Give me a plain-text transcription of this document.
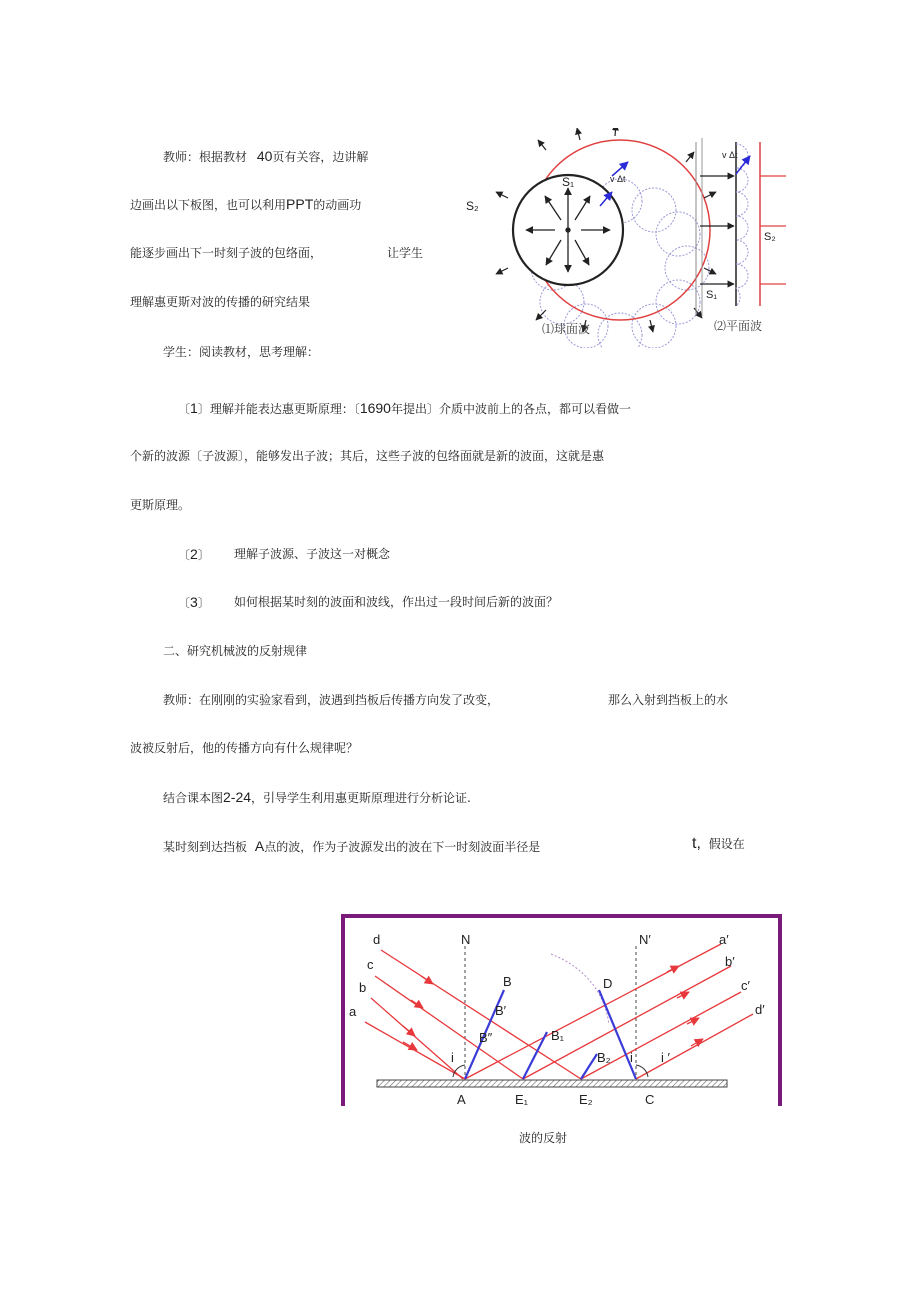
教师：根据教材 40页有关容，边讲解
边画出以下板图，也可以利用PPT的动画功
能逐步画出下一时刻子波的包络面，	让学生
理解惠更斯对波的传播的研究结果
学生：阅读教材，思考理解：
S₁
S₂
v Δt
⑴球面波
v Δt
S₂
S₁
⑵平面波
〔1〕理解并能表达惠更斯原理：〔1690年提出〕介质中波前上的各点，都可以看做一
个新的波源〔子波源〕，能够发出子波；其后，这些子波的包络面就是新的波面，这就是惠
更斯原理。
〔2〕 理解子波源、子波这一对概念
〔3〕 如何根据某时刻的波面和波线，作出过一段时间后新的波面？
二、研究机械波的反射规律
教师：在刚刚的实验家看到，波遇到挡板后传播方向发了改变，	那么入射到挡板上的水
波被反射后，他的传播方向有什么规律呢？
结合课本图2-24，引导学生利用惠更斯原理进行分析论证.
某时刻到达挡板 A点的波，作为子波源发出的波在下一时刻波面半径是	t, 假设在
d
c
b
a
N	N′	a′
b′
c′
d′
B
B′
B″	B₁
B₂
D
i	i i ′
A	E₁	E₂	C
波的反射
